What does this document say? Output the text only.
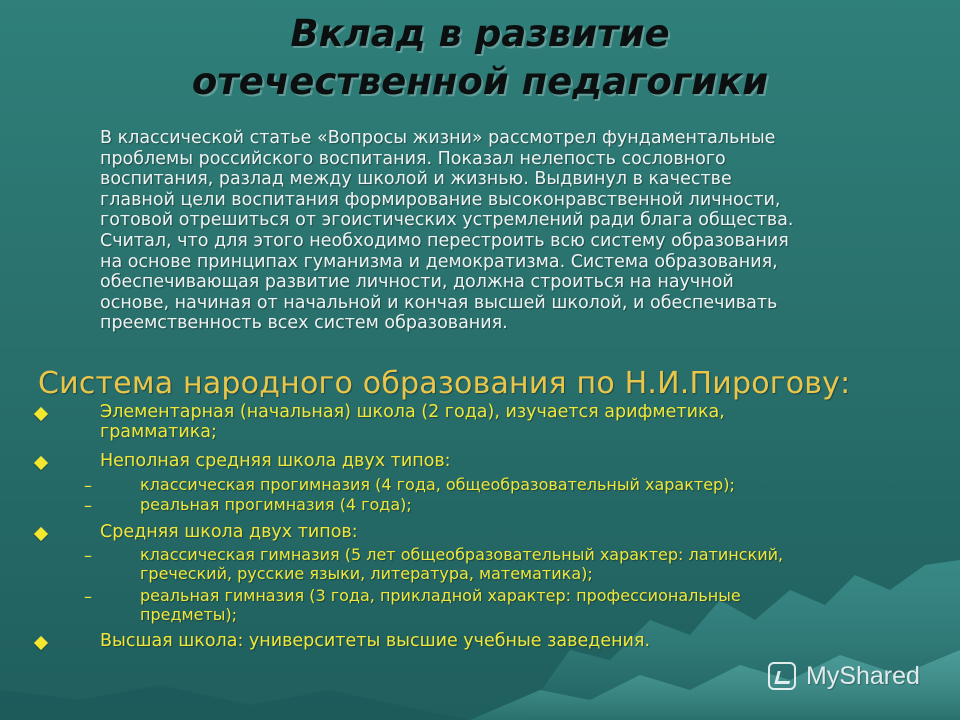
Вклад в развитие
отечественной педагогики
В классической статье «Вопросы жизни» рассмотрел фундаментальные
проблемы российского воспитания. Показал нелепость сословного
воспитания, разлад между школой и жизнью. Выдвинул в качестве
главной цели воспитания формирование высоконравственной личности,
готовой отрешиться от эгоистических устремлений ради блага общества.
Считал, что для этого необходимо перестроить всю систему образования
на основе принципах гуманизма и демократизма. Система образования,
обеспечивающая развитие личности, должна строиться на научной
основе, начиная от начальной и кончая высшей школой, и обеспечивать
преемственность всех систем образования.
Система народного образования по Н.И.Пирогову:
Элементарная (начальная) школа (2 года), изучается арифметика,
грамматика;
Неполная средняя школа двух типов:
–	классическая прогимназия (4 года, общеобразовательный характер);
–	реальная прогимназия (4 года);
Средняя школа двух типов:
–	классическая гимназия (5 лет общеобразовательный характер: латинский,
греческий, русские языки, литература, математика);
–	реальная гимназия (3 года, прикладной характер: профессиональные
предметы);
Высшая школа: университеты высшие учебные заведения.
MyShared
